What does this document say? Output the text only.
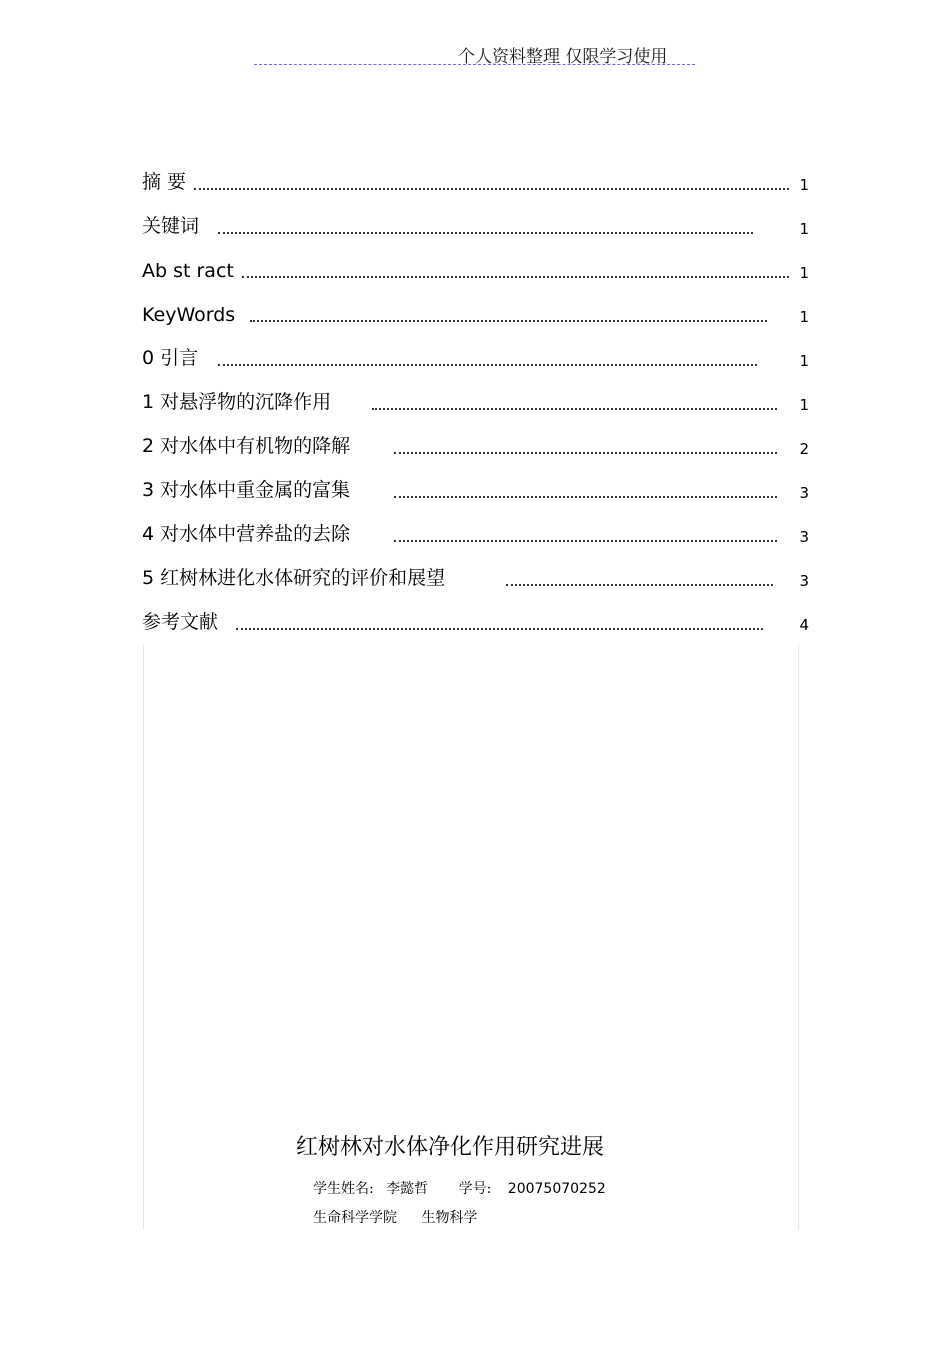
个人资料整理 仅限学习使用
摘 要	1
关键词	1
Ab st ract	1
KeyWords	1
0 引言	1
1 对悬浮物的沉降作用	1
2 对水体中有机物的降解	2
3 对水体中重金属的富集	3
4 对水体中营养盐的去除	3
5 红树林进化水体研究的评价和展望	3
参考文献	4
红树林对水体净化作用研究进展
学生姓名: 李懿哲 学号: 20075070252
生命科学学院 生物科学
